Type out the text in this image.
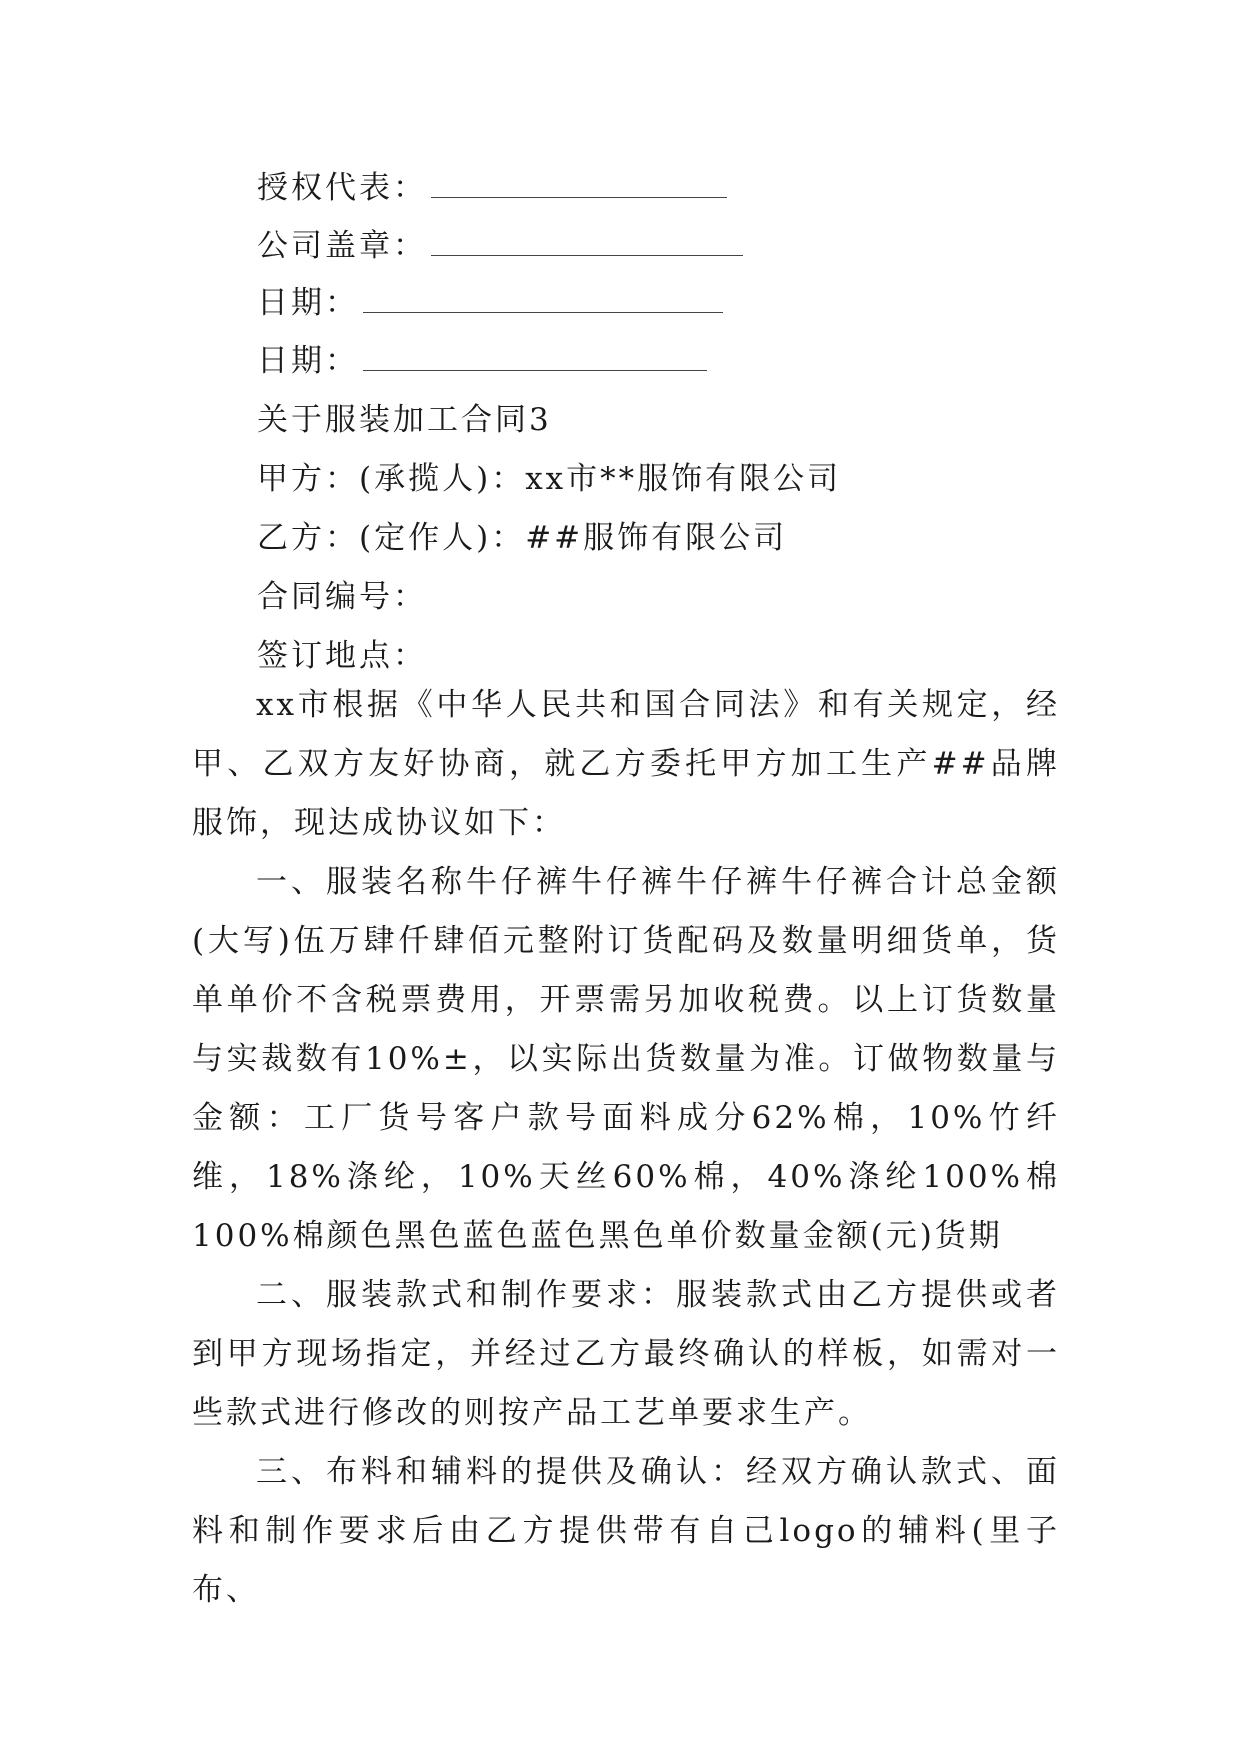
授权代表：
公司盖章：
日期：
日期：
关于服装加工合同3
甲方：(承揽人)：xx市**服饰有限公司
乙方：(定作人)：##服饰有限公司
合同编号：
签订地点：

xx市根据《中华人民共和国合同法》和有关规定，经甲、乙双方友好协商，就乙方委托甲方加工生产##品牌服饰，现达成协议如下：

一、服装名称牛仔裤牛仔裤牛仔裤牛仔裤合计总金额(大写)伍万肆仟肆佰元整附订货配码及数量明细货单，货单单价不含税票费用，开票需另加收税费。以上订货数量与实裁数有10%±，以实际出货数量为准。订做物数量与金额：工厂货号客户款号面料成分62%棉，10%竹纤维，18%涤纶，10%天丝60%棉，40%涤纶100%棉100%棉颜色黑色蓝色蓝色黑色单价数量金额(元)货期

二、服装款式和制作要求：服装款式由乙方提供或者到甲方现场指定，并经过乙方最终确认的样板，如需对一些款式进行修改的则按产品工艺单要求生产。

三、布料和辅料的提供及确认：经双方确认款式、面料和制作要求后由乙方提供带有自己logo的辅料(里子布、
